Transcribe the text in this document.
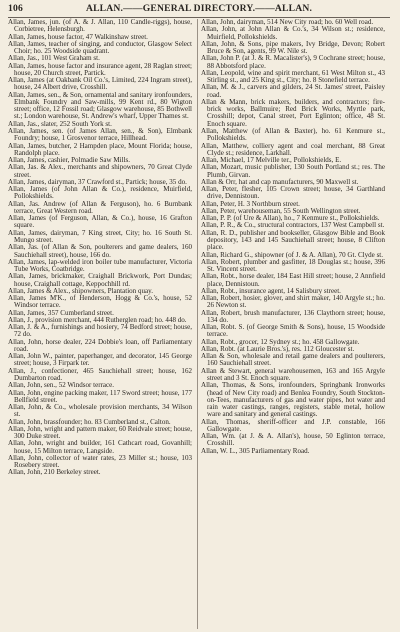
106	ALLAN.——GENERAL DIRECTORY.——ALLAN.

Allan, James, jun. (of A. & J. Allan, 110 Candle-riggs), house, Corbietree, Helensburgh.

Allan, James, house factor, 47 Walkinshaw street.

Allan, James, teacher of singing, and conductor, Glasgow Select Choir; ho. 25 Woodside quadrant.

Allan, Jas., 101 West Graham st.

Allan, James, house factor and insurance agent, 28 Raglan street; house, 20 Church street, Partick.

Allan, James (at Oakbank Oil Co.'s, Limited, 224 Ingram street), house, 24 Albert drive, Crosshill.

Allan, James, sen., & Son, ornamental and sanitary ironfounders, Elmbank Foundry and Saw-mills, 99 Kent rd., 80 Wigton street; office, 12 Fossil road; Glasgow warehouse, 85 Bothwell st.; London warehouse, St. Andrew's wharf, Upper Thames st.

Allan, Jas., slater, 252 South York st.

Allan, James, sen. (of James Allan, sen., & Son), Elmbank Foundry; house, 1 Grosvenor terrace, Hillhead.

Allan, James, butcher, 2 Hampden place, Mount Florida; house, Randolph place.

Allan, James, cashier, Polmadie Saw Mills.

Allan, Jas. & Alex., merchants and shipowners, 70 Great Clyde street.

Allan, James, dairyman, 37 Crawford st., Partick; house, 35 do.

Allan, James (of John Allan & Co.), residence, Muirfield, Pollokshields.

Allan, Jas. Andrew (of Allan & Ferguson), ho. 6 Burnbank terrace, Great Western road.

Allan, James (of Ferguson, Allan, & Co.), house, 16 Grafton square.

Allan, James, dairyman, 7 King street, City; ho. 16 South St. Mungo street.

Allan, Jas. (of Allan & Son, poulterers and game dealers, 160 Sauchiehall street), house, 166 do.

Allan, James, lap-welded iron boiler tube manufacturer, Victoria Tube Works, Coatbridge.

Allan, James, brickmaker, Craighall Brickwork, Port Dundas; house, Craighall cottage, Keppochhill rd.

Allan, James & Alex., shipowners, Plantation quay.

Allan, James M'K., of Henderson, Hogg & Co.'s, house, 52 Windsor terrace.

Allan, James, 357 Cumberland street.

Allan, J., provision merchant, 444 Rutherglen road; ho. 448 do.

Allan, J. & A., furnishings and hosiery, 74 Bedford street; house, 72 do.

Allan, John, horse dealer, 224 Dobbie's loan, off Parliamentary road.

Allan, John W., painter, paperhanger, and decorator, 145 George street; house, 3 Firpark ter.

Allan, J., confectioner, 465 Sauchiehall street; house, 162 Dumbarton road.

Allan, John, sen., 52 Windsor terrace.

Allan, John, engine packing maker, 117 Sword street; house, 177 Bellfield street.

Allan, John, & Co., wholesale provision merchants, 34 Wilson st.

Allan, John, brassfounder; ho. 83 Cumberland st., Calton.

Allan, John, wright and pattern maker, 60 Reidvale street; house, 300 Duke street.

Allan, John, wright and builder, 161 Cathcart road, Govanhill; house, 15 Milton terrace, Langside.

Allan, John, collector of water rates, 23 Miller st.; house, 103 Rosebery street.

Allan, John, 210 Berkeley street.

Allan, John, dairyman, 514 New City road; ho. 60 Well road.

Allan, John, at John Allan & Co.'s, 34 Wilson st.; residence, Muirfield, Pollokshields.

Allan, John, & Sons, pipe makers, Ivy Bridge, Devon; Robert Bruce & Son, agents, 99 W. Nile st.

Allan, John P. (at J. & R. Macalister's), 9 Cochrane street; house, 88 Abbotsford place.

Allan, Leopold, wine and spirit merchant, 61 West Milton st., 43 Stirling st., and 25 King st., City; ho. 8 Stonefield terrace.

Allan, M. & J., carvers and gilders, 24 St. James' street, Paisley road.

Allan & Mann, brick makers, builders, and contractors; fire-brick works, Ballmuire; Red Brick Works, Myrtle park, Crosshill; depot, Canal street, Port Eglinton; office, 48 St. Enoch square.

Allan, Matthew (of Allan & Baxter), ho. 61 Kenmure st., Pollokshields.

Allan, Matthew, colliery agent and coal merchant, 88 Great Clyde st.; residence, Larkhall.

Allan, Michael, 17 Melville ter., Pollokshields, E.

Allan, Mozart, music publisher, 130 South Portland st.; res. The Plumb, Girvan.

Allan & Orr, hat and cap manufacturers, 90 Maxwell st.

Allan, Peter, flesher, 105 Crown street; house, 34 Garthland drive, Dennistoun.

Allan, Peter, H. 3 Northburn street.

Allan, Peter, warehouseman, 55 South Wellington street.

Allan, P. P. (of Ure & Allan), ho., 7 Kenmure st., Pollokshields.

Allan, P. R., & Co., structural contractors, 137 West Campbell st.

Allan, R. D., publisher and bookseller, Glasgow Bible and Book depository, 143 and 145 Sauchiehall street; house, 8 Clifton place.

Allan, Richard G., shipowner (of J. & A. Allan), 70 Gt. Clyde st.

Allan, Robert, plumber and gasfitter, 18 Douglas st.; house, 396 St. Vincent street.

Allan, Robt., horse dealer, 184 East Hill street; house, 2 Annfield place, Dennistoun.

Allan, Robt., insurance agent, 14 Salisbury street.

Allan, Robert, hosier, glover, and shirt maker, 140 Argyle st.; ho. 26 Newton st.

Allan, Robert, brush manufacturer, 136 Claythorn street; house, 134 do.

Allan, Robt. S. (of George Smith & Sons), house, 15 Woodside terrace.

Allan, Robt., grocer, 12 Sydney st.; ho. 458 Gallowgate.

Allan, Robt. (at Laurie Bros.'s), res. 112 Gloucester st.

Allan & Son, wholesale and retail game dealers and poulterers, 160 Sauchiehall street.

Allan & Stewart, general warehousemen, 163 and 165 Argyle street and 3 St. Enoch square.

Allan, Thomas, & Sons, ironfounders, Springbank Ironworks (head of New City road) and Benlea Foundry, South Stockton-on-Tees, manufacturers of gas and water pipes, hot water and rain water castings, ranges, registers, stable metal, hollow ware and sanitary and general castings.

Allan, Thomas, sheriff-officer and J.P. constable, 166 Gallowgate.

Allan, Wm. (at J. & A. Allan's), house, 50 Eglinton terrace, Crosshill.

Allan, W. L., 305 Parliamentary Road.
